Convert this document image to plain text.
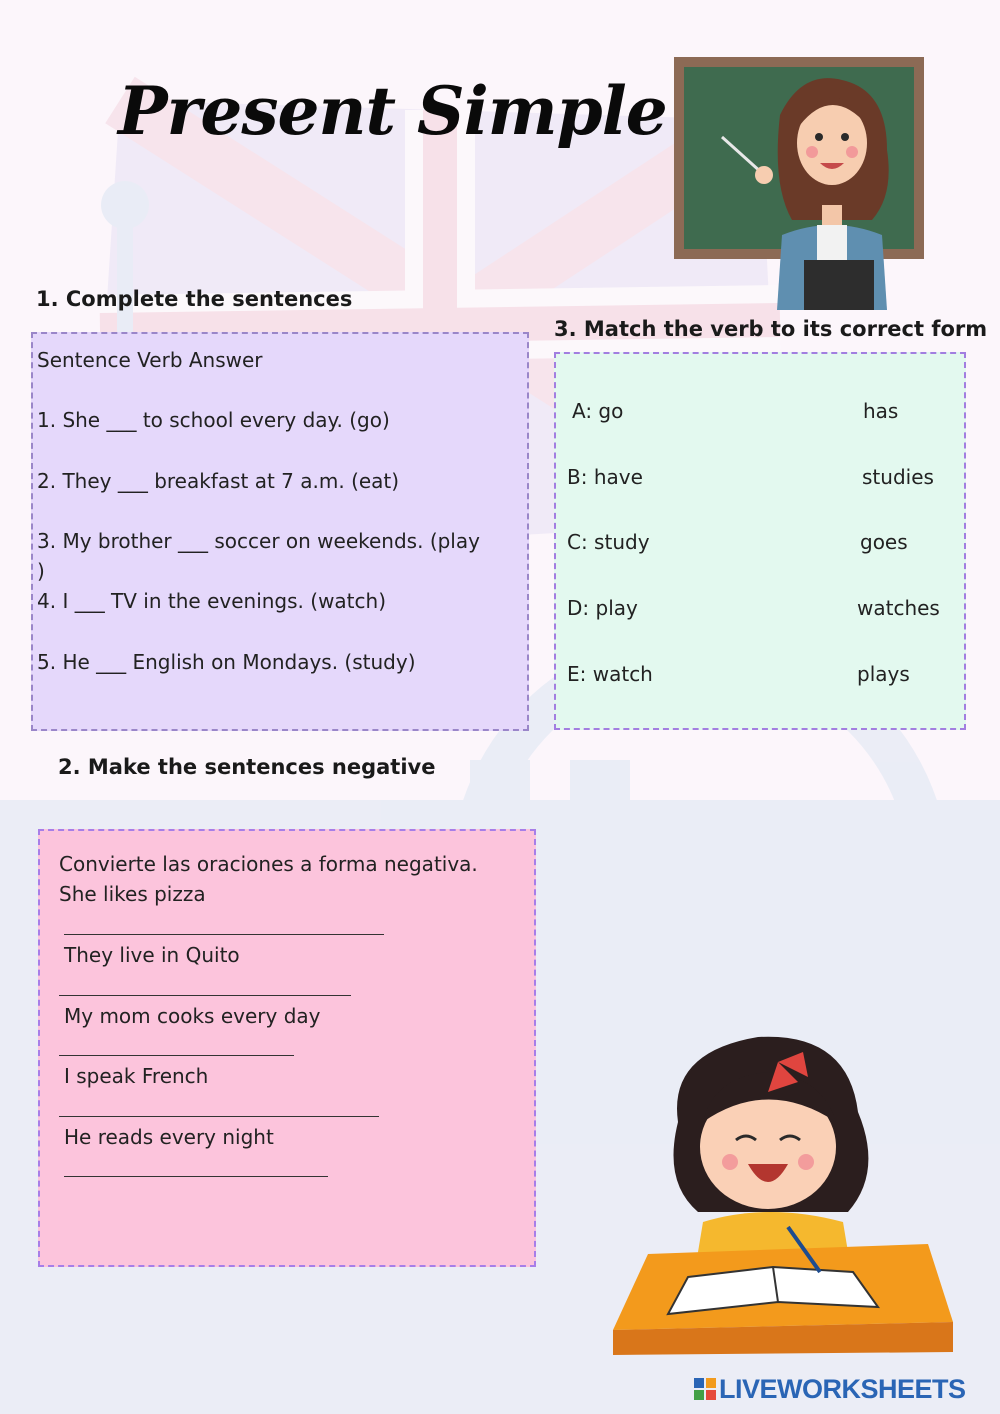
Present Simple
1. Complete the sentences
Sentence Verb Answer
1. She ___ to school every day. (go)
2. They ___ breakfast at 7 a.m. (eat)
3. My brother ___ soccer on weekends. (play
)
4. I ___ TV in the evenings. (watch)
5. He ___ English on Mondays. (study)
3. Match the verb to its correct form
A: go
B: have
C: study
D: play
E: watch
has
studies
goes
watches
plays
2. Make the sentences negative
Convierte las oraciones a forma negativa.
She likes pizza
They live in Quito
My mom cooks every day
I speak French
He reads every night
LIVEWORKSHEETS
